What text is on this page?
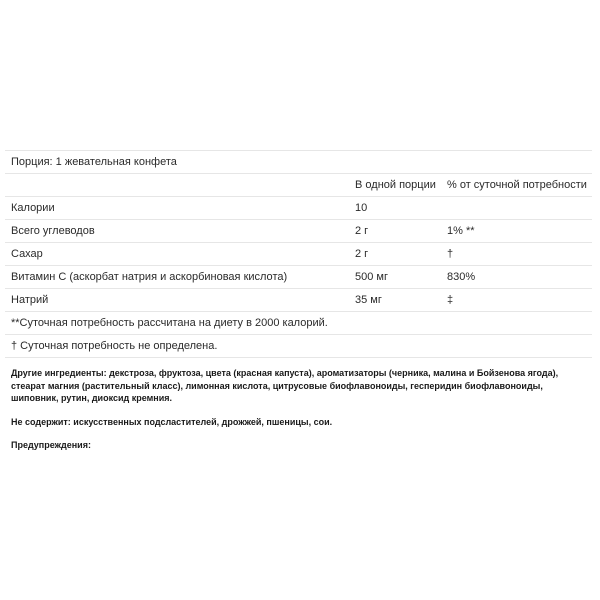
Порция: 1 жевательная конфета		
	В одной порции	% от суточной потребности
Калории	10	
Всего углеводов	2 г	1% **
Сахар	2 г	†
Витамин C (аскорбат натрия и аскорбиновая кислота)	500 мг	830%
Натрий	35 мг	‡
**Суточная потребность рассчитана на диету в 2000 калорий.		
† Суточная потребность не определена.		

Другие ингредиенты: декстроза, фруктоза, цвета (красная капуста), ароматизаторы (черника, малина и Бойзенова ягода), стеарат магния (растительный класс), лимонная кислота, цитрусовые биофлавоноиды, гесперидин биофлавоноиды, шиповник, рутин, диоксид кремния.

Не содержит: искусственных подсластителей, дрожжей, пшеницы, сои.

Предупреждения:
